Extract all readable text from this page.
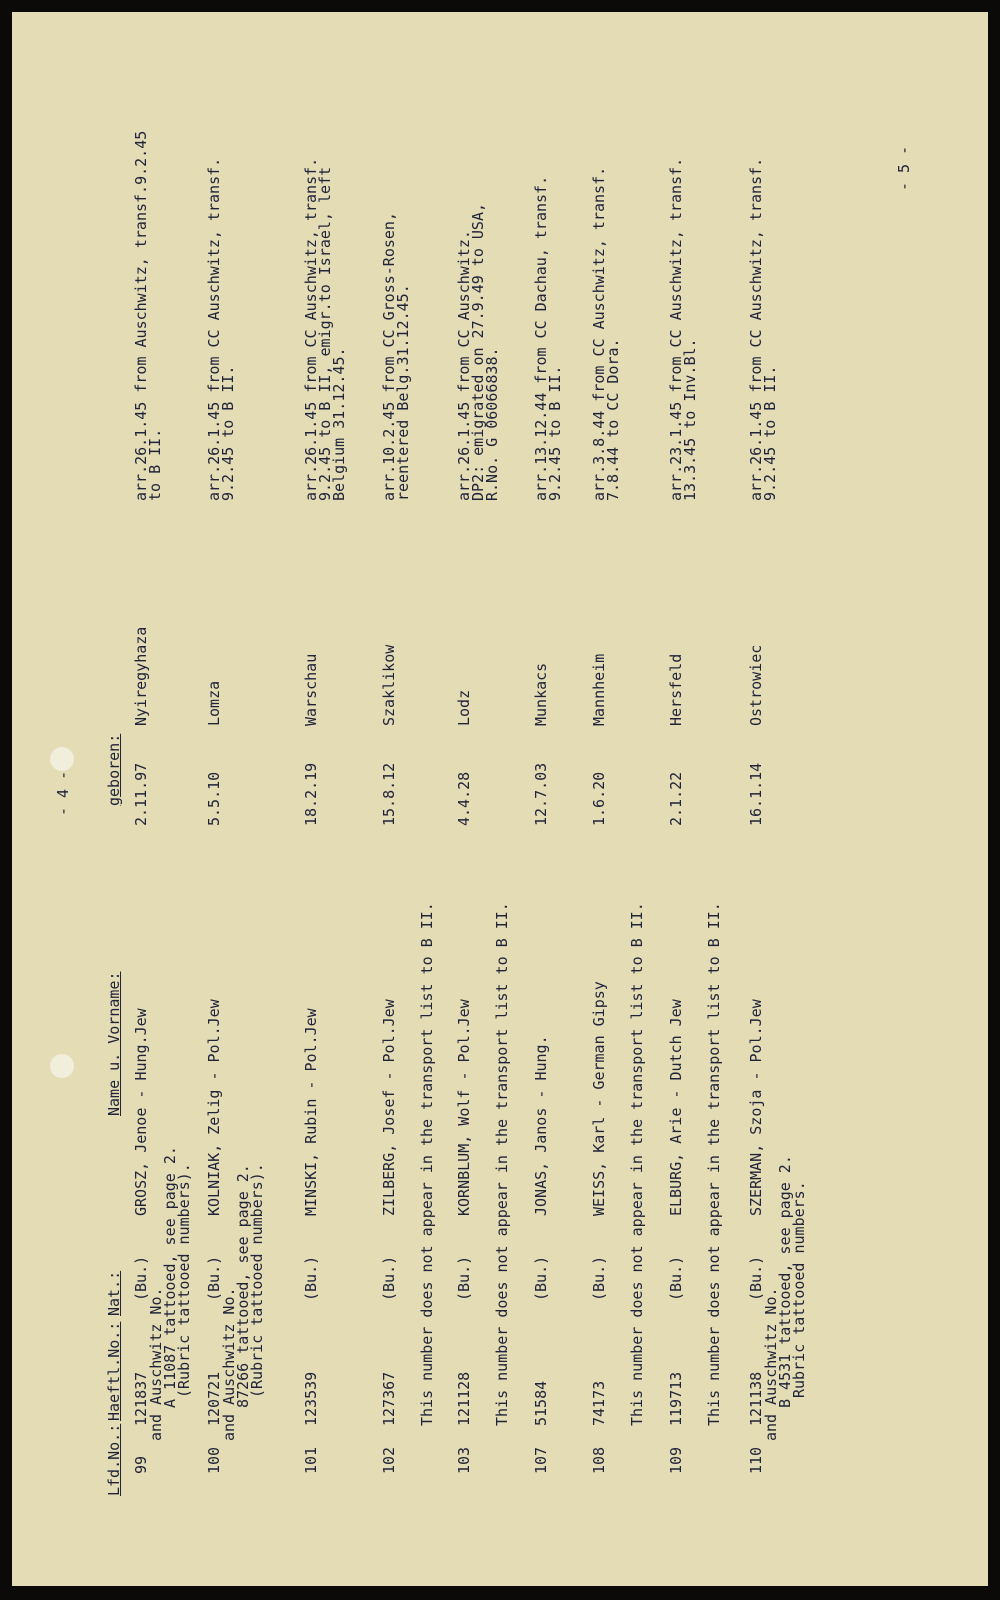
- 4 -
- 5 -
Lfd.No.:
Haeftl.No.:
Nat.:
Name u. Vorname:
geboren:
99
121837
(Bu.)
GROSZ, Jenoe - Hung.Jew
2.11.97
Nyiregyhaza
arr.26.1.45 from Auschwitz, transf.9.2.45
to B II.
and Auschwitz No.
A 11087 tattooed, see page 2.
(Rubric tattooed numbers).
100
120721
(Bu.)
KOLNIAK, Zelig - Pol.Jew
5.5.10
Lomza
arr.26.1.45 from CC Auschwitz, transf.
9.2.45 to B II.
and Auschwitz No.
87266 tattooed, see page 2.
(Rubric tattooed numbers).
101
123539
(Bu.)
MINSKI, Rubin - Pol.Jew
18.2.19
Warschau
arr.26.1.45 from CC Auschwitz, transf.
9.2.45 to B II, emigr.to Israel, left
Belgium 31.12.45.
102
127367
(Bu.)
ZILBERG, Josef - Pol.Jew
15.8.12
Szaklikow
arr.10.2.45 from CC Gross-Rosen,
reentered Belg.31.12.45.
This number does not appear in the transport list to B II.
103
121128
(Bu.)
KORNBLUM, Wolf - Pol.Jew
4.4.28
Lodz
arr.26.1.45 from CC Auschwitz.
DP2: emigrated on 27.9.49 to USA,
R.No. G 06066838.
This number does not appear in the transport list to B II.
107
51584
(Bu.)
JONAS, Janos - Hung.
12.7.03
Munkacs
arr.13.12.44 from CC Dachau, transf.
9.2.45 to B II.
108
74173
(Bu.)
WEISS, Karl - German Gipsy
1.6.20
Mannheim
arr.3.8.44 from CC Auschwitz, transf.
7.8.44 to CC Dora.
This number does not appear in the transport list to B II.
109
119713
(Bu.)
ELBURG, Arie - Dutch Jew
2.1.22
Hersfeld
arr.23.1.45 from CC Auschwitz, transf.
13.3.45 to Inv.Bl.
This number does not appear in the transport list to B II.
110
121138
(Bu.)
SZERMAN, Szoja - Pol.Jew
16.1.14
Ostrowiec
arr.26.1.45 from CC Auschwitz, transf.
9.2.45 to B II.
and Auschwitz No.
B 4531 tattooed, see page 2.
Rubric tattooed numbers.
